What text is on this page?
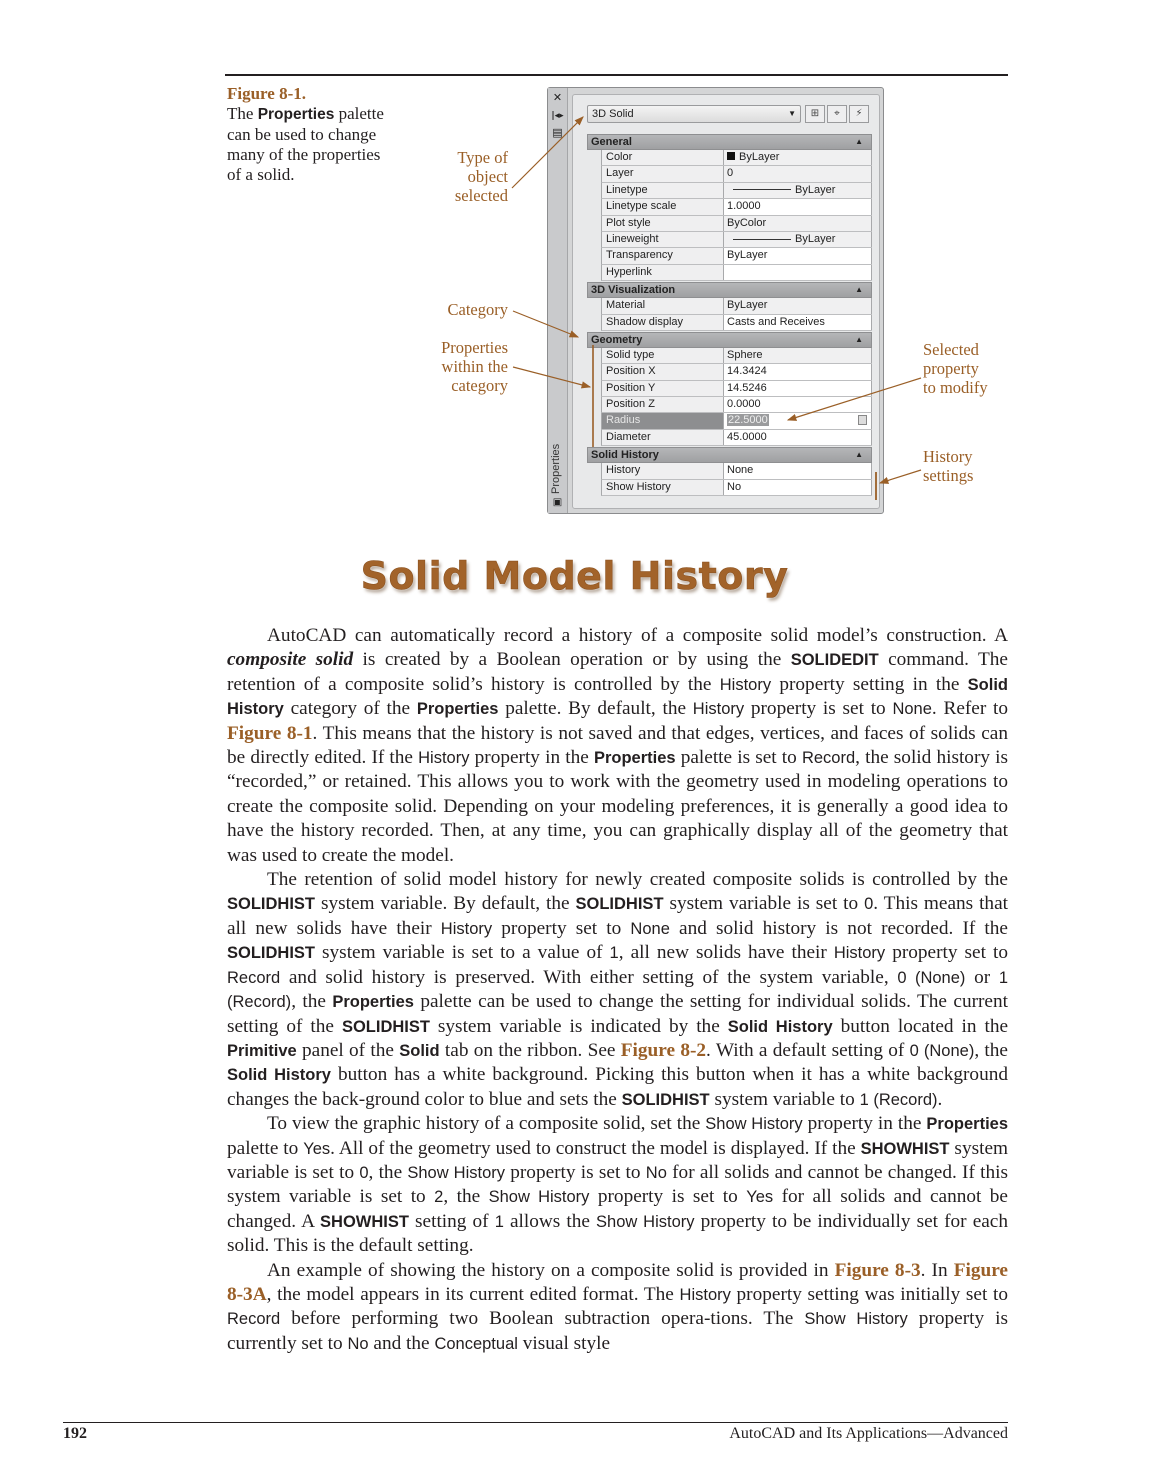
Figure 8-1.
The Properties palette can be used to change many of the properties of a solid.
Type of
object
selected
Category
Properties
within the
category
Selected
property
to modify
History
settings
✕
|◂▸
▤
Properties
▣
3D Solid	▼	⊞	⌖	⚡
General	▲
Color	ByLayer
Layer	0
Linetype	ByLayer
Linetype scale	1.0000
Plot style	ByColor
Lineweight	ByLayer
Transparency	ByLayer
Hyperlink
3D Visualization	▲
Material	ByLayer
Shadow display	Casts and Receives
Geometry	▲
Solid type	Sphere
Position X	14.3424
Position Y	14.5246
Position Z	0.0000
Radius	22.5000
Diameter	45.0000
Solid History	▲
History	None
Show History	No
Solid Model History

AutoCAD can automatically record a history of a composite solid model’s construction. A composite solid is created by a Boolean operation or by using the SOLIDEDIT command. The retention of a composite solid’s history is controlled by the History property setting in the Solid History category of the Properties palette. By default, the History property is set to None. Refer to Figure 8-1. This means that the history is not saved and that edges, vertices, and faces of solids can be directly edited. If the History property in the Properties palette is set to Record, the solid history is “recorded,” or retained. This allows you to work with the geometry used in modeling operations to create the composite solid. Depending on your modeling preferences, it is generally a good idea to have the history recorded. Then, at any time, you can graphically display all of the geometry that was used to create the model.

The retention of solid model history for newly created composite solids is controlled by the SOLIDHIST system variable. By default, the SOLIDHIST system variable is set to 0. This means that all new solids have their History property set to None and solid history is not recorded. If the SOLIDHIST system variable is set to a value of 1, all new solids have their History property set to Record and solid history is preserved. With either setting of the system variable, 0 (None) or 1 (Record), the Properties palette can be used to change the setting for individual solids. The current setting of the SOLIDHIST system variable is indicated by the Solid History button located in the Primitive panel of the Solid tab on the ribbon. See Figure 8-2. With a default setting of 0 (None), the Solid History button has a white background. Picking this button when it has a white background changes the back-ground color to blue and sets the SOLIDHIST system variable to 1 (Record).

To view the graphic history of a composite solid, set the Show History property in the Properties palette to Yes. All of the geometry used to construct the model is displayed. If the SHOWHIST system variable is set to 0, the Show History property is set to No for all solids and cannot be changed. If this system variable is set to 2, the Show History property is set to Yes for all solids and cannot be changed. A SHOWHIST setting of 1 allows the Show History property to be individually set for each solid. This is the default setting.

An example of showing the history on a composite solid is provided in Figure 8-3. In Figure 8-3A, the model appears in its current edited format. The History property setting was initially set to Record before performing two Boolean subtraction opera-tions. The Show History property is currently set to No and the Conceptual visual style

192	AutoCAD and Its Applications—Advanced
